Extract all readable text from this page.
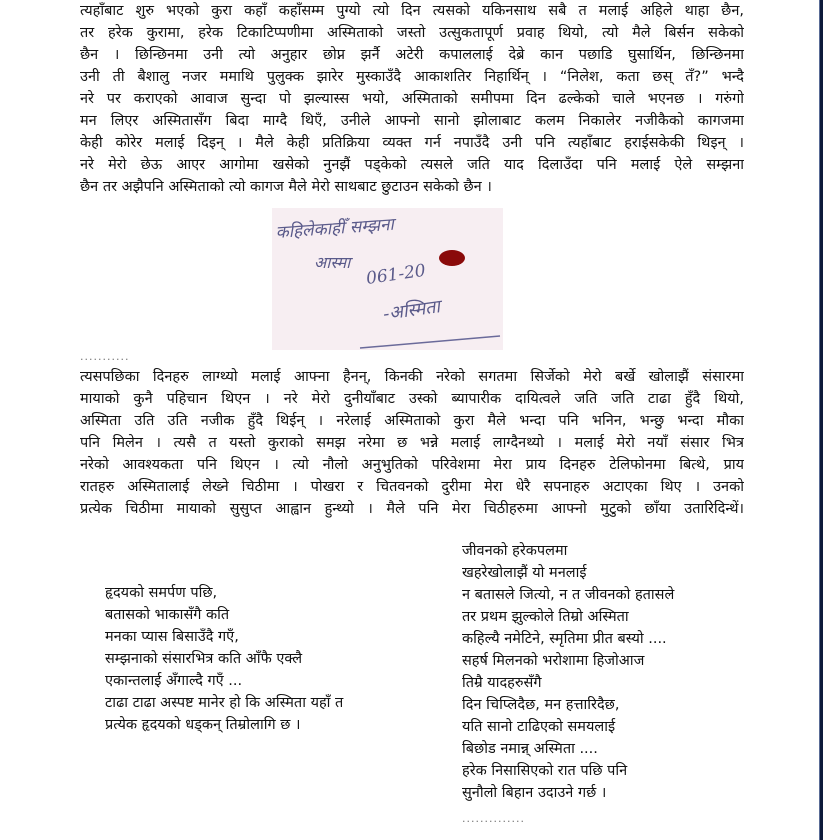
त्यहाँबाट शुरु भएको कुरा कहाँ कहाँसम्म पुग्यो त्यो दिन त्यसको यकिनसाथ सबै त मलाई अहिले थाहा छैन,
तर हरेक कुरामा, हरेक टिकाटिप्पणीमा अस्मिताको जस्तो उत्सुकतापूर्ण प्रवाह थियो, त्यो मैले बिर्सन सकेको
छैन । छिन्छिनमा उनी त्यो अनुहार छोप्न झर्नै अटेरी कपाललाई देब्रे कान पछाडि घुसार्थिन, छिन्छिनमा
उनी ती बैशालु नजर ममाथि पुलुक्क झारेर मुस्काउँदै आकाशतिर निहार्थिन् । “निलेश, कता छस् तँ?” भन्दै
नरे पर कराएको आवाज सुन्दा पो झल्यास्स भयो, अस्मिताको समीपमा दिन ढल्केको चाले भएनछ । गरुंगो
मन लिएर अस्मितासँग बिदा माग्दै थिएँ, उनीले आफ्नो सानो झोलाबाट कलम निकालेर नजीकैको कागजमा
केही कोरेर मलाई दिइन् । मैले केही प्रतिक्रिया व्यक्त गर्न नपाउँदै उनी पनि त्यहाँबाट हराईसकेकी थिइन् ।
नरे मेरो छेऊ आएर आगोमा खसेको नुनझैं पड्केको त्यसले जति याद दिलाउँदा पनि मलाई ऐले सम्झना
छैन तर अझैपनि अस्मिताको त्यो कागज मैले मेरो साथबाट छुटाउन सकेको छैन ।
कहिलेकाहीँ सम्झना
आस्मा 061-20
-अस्मिता
...........
त्यसपछिका दिनहरु लाग्थ्यो मलाई आफ्ना हैनन्, किनकी नरेको सगतमा सिर्जेको मेरो बर्खे खोलाझैं संसारमा
मायाको कुनै पहिचान थिएन । नरे मेरो दुनीयाँबाट उस्को ब्यापारीक दायित्वले जति जति टाढा हुँदै थियो,
अस्मिता उति उति नजीक हुँदै थिईन् । नरेलाई अस्मिताको कुरा मैले भन्दा पनि भनिन, भन्छु भन्दा मौका
पनि मिलेन । त्यसै त यस्तो कुराको समझ नरेमा छ भन्ने मलाई लाग्दैनथ्यो । मलाई मेरो नयाँ संसार भित्र
नरेको आवश्यकता पनि थिएन । त्यो नौलो अनुभुतिको परिवेशमा मेरा प्राय दिनहरु टेलिफोनमा बित्थे, प्राय
रातहरु अस्मितालाई लेख्ने चिठीमा । पोखरा र चितवनको दुरीमा मेरा धेरै सपनाहरु अटाएका थिए । उनको
प्रत्येक चिठीमा मायाको सुसुप्त आह्वान हुन्थ्यो । मैले पनि मेरा चिठीहरुमा आफ्नो मुटुको छाँया उतारिदिन्थें।
हृदयको समर्पण पछि,
बतासको भाकासँगै कति
मनका प्यास बिसाउँदै गएँ,
सम्झनाको संसारभित्र कति आँफै एक्लै
एकान्तलाई अँगाल्दै गएँ ...
टाढा टाढा अस्पष्ट मानेर हो कि अस्मिता यहाँ त
प्रत्येक हृदयको धड्कन् तिम्रोलागि छ ।
जीवनको हरेकपलमा
खहरेखोलाझैं यो मनलाई
न बतासले जित्यो, न त जीवनको हतासले
तर प्रथम झुल्कोले तिम्रो अस्मिता
कहिल्यै नमेटिने, स्मृतिमा प्रीत बस्यो ....
सहर्ष मिलनको भरोशामा हिजोआज
तिम्रै यादहरुसँगै
दिन चिप्लिदैछ, मन हत्तारिदैछ,
यति सानो टाढिएको समयलाई
बिछोड नमान्न् अस्मिता ....
हरेक निसासिएको रात पछि पनि
सुनौलो बिहान उदाउने गर्छ ।
..............
